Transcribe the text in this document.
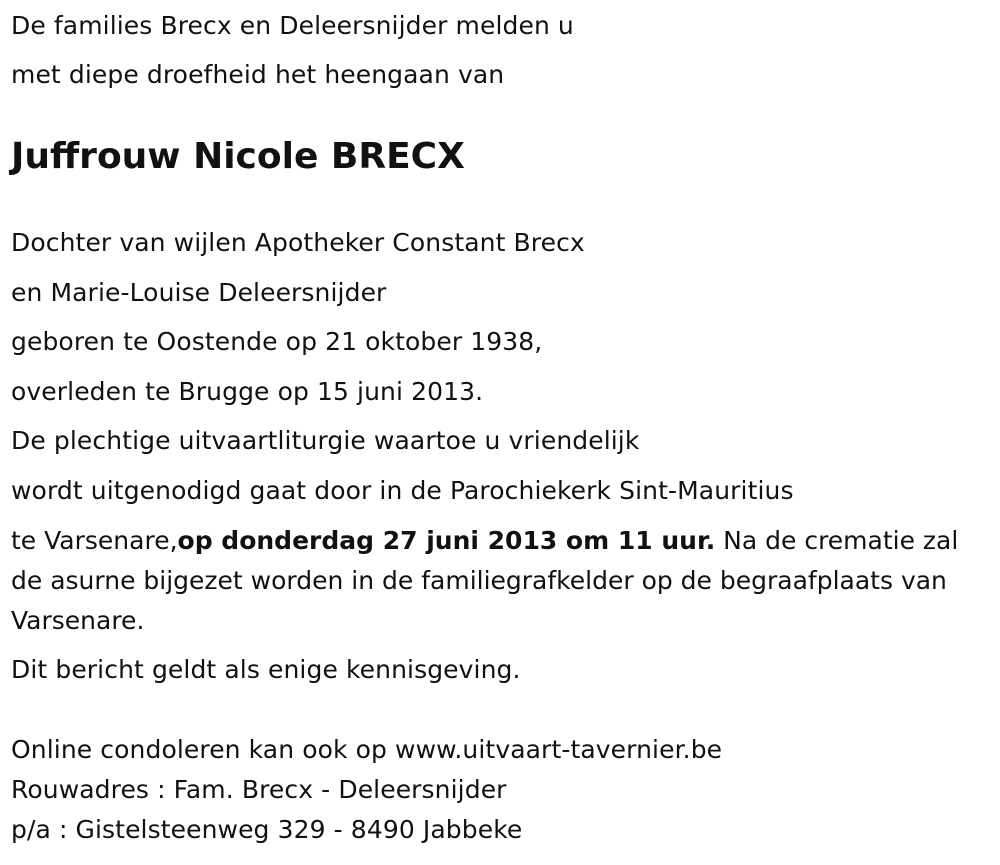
De families Brecx en Deleersnijder melden u
met diepe droefheid het heengaan van
Juffrouw Nicole BRECX
Dochter van wijlen Apotheker Constant Brecx
en Marie-Louise Deleersnijder
geboren te Oostende op 21 oktober 1938,
overleden te Brugge op 15 juni 2013.
De plechtige uitvaartliturgie waartoe u vriendelijk
wordt uitgenodigd gaat door in de Parochiekerk Sint-Mauritius
te Varsenare,op donderdag 27 juni 2013 om 11 uur. Na de crematie zal de asurne bijgezet worden in de familiegrafkelder op de begraafplaats van Varsenare.
Dit bericht geldt als enige kennisgeving.
Online condoleren kan ook op www.uitvaart-tavernier.be
Rouwadres : Fam. Brecx - Deleersnijder
p/a : Gistelsteenweg 329 - 8490 Jabbeke
